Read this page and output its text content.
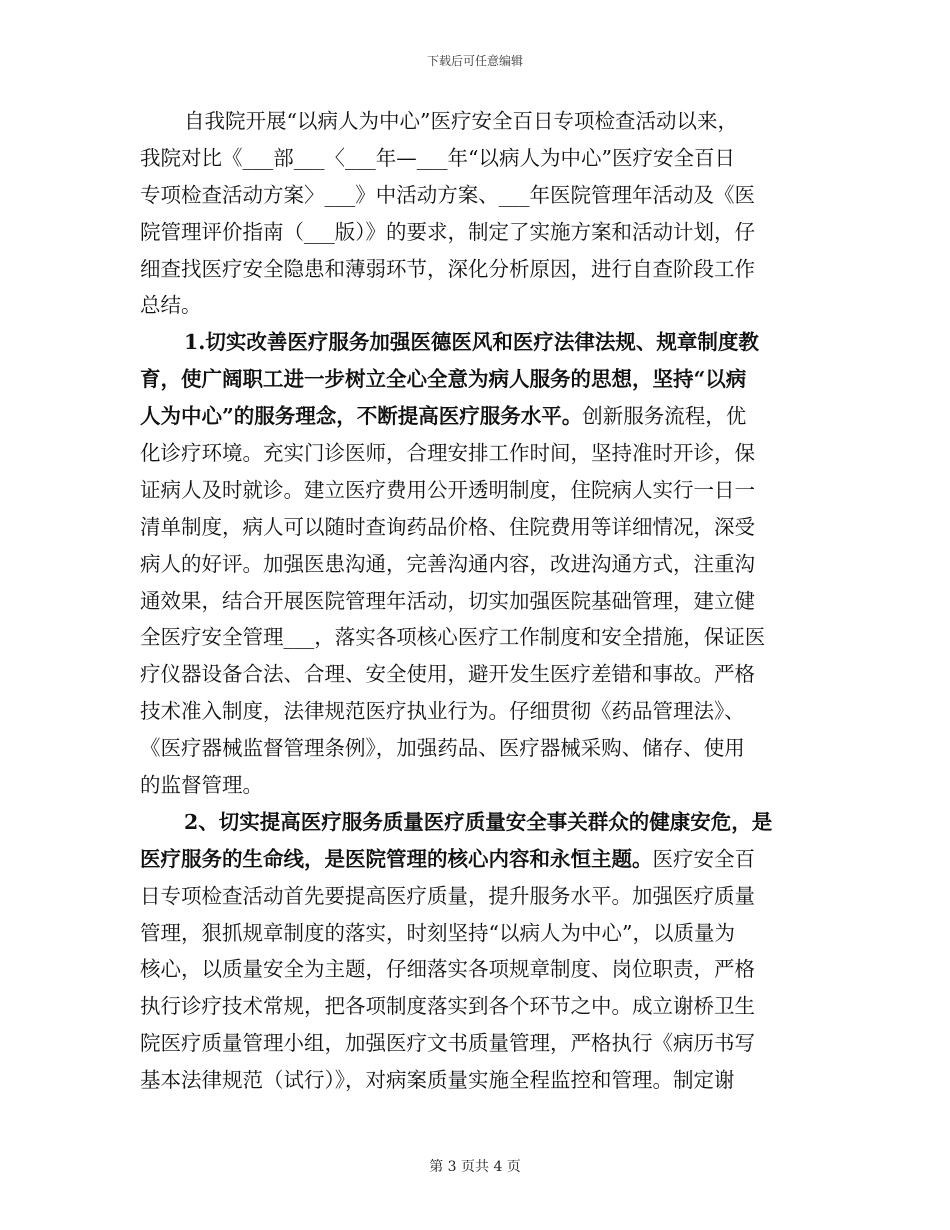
下载后可任意编辑
自我院开展“以病人为中心”医疗安全百日专项检查活动以来，
我院对比《___部___〈___年—___年“以病人为中心”医疗安全百日
专项检查活动方案〉___》中活动方案、___年医院管理年活动及《医
院管理评价指南（___版）》的要求，制定了实施方案和活动计划，仔
细查找医疗安全隐患和薄弱环节，深化分析原因，进行自查阶段工作
总结。
1.切实改善医疗服务加强医德医风和医疗法律法规、规章制度教
育，使广阔职工进一步树立全心全意为病人服务的思想，坚持“以病
人为中心”的服务理念，不断提高医疗服务水平。创新服务流程，优
化诊疗环境。充实门诊医师，合理安排工作时间，坚持准时开诊，保
证病人及时就诊。建立医疗费用公开透明制度，住院病人实行一日一
清单制度，病人可以随时查询药品价格、住院费用等详细情况，深受
病人的好评。加强医患沟通，完善沟通内容，改进沟通方式，注重沟
通效果，结合开展医院管理年活动，切实加强医院基础管理，建立健
全医疗安全管理___，落实各项核心医疗工作制度和安全措施，保证医
疗仪器设备合法、合理、安全使用，避开发生医疗差错和事故。严格
技术准入制度，法律规范医疗执业行为。仔细贯彻《药品管理法》、
《医疗器械监督管理条例》，加强药品、医疗器械采购、储存、使用
的监督管理。
2、切实提高医疗服务质量医疗质量安全事关群众的健康安危，是
医疗服务的生命线，是医院管理的核心内容和永恒主题。医疗安全百
日专项检查活动首先要提高医疗质量，提升服务水平。加强医疗质量
管理，狠抓规章制度的落实，时刻坚持“以病人为中心”，以质量为
核心，以质量安全为主题，仔细落实各项规章制度、岗位职责，严格
执行诊疗技术常规，把各项制度落实到各个环节之中。成立谢桥卫生
院医疗质量管理小组，加强医疗文书质量管理，严格执行《病历书写
基本法律规范（试行）》，对病案质量实施全程监控和管理。制定谢
第 3 页共 4 页
